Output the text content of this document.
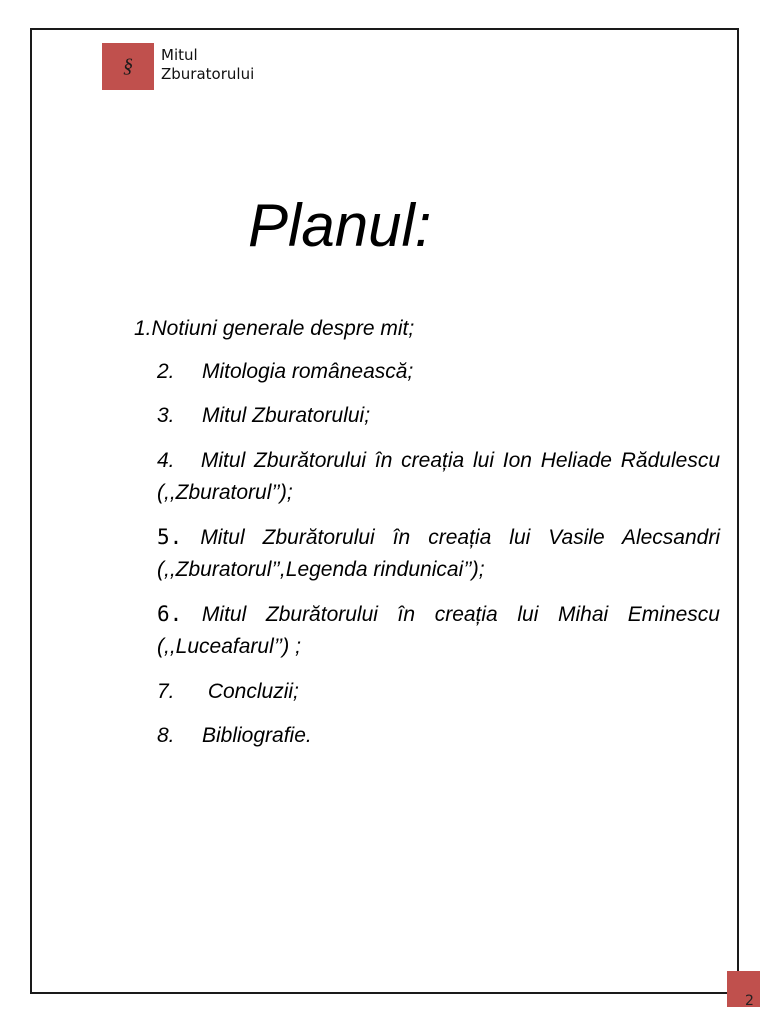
§ Mitul
Zburatorului
Planul:
1.Notiuni generale despre mit;
2. Mitologia românească;
3. Mitul Zburatorului;
4. Mitul Zburătorului în creația lui Ion Heliade Rădulescu (,,Zburatorul’’);
5. Mitul Zburătorului în creația lui Vasile Alecsandri (,,Zburatorul’’,Legenda rindunicai’’);
6. Mitul Zburătorului în creația lui Mihai Eminescu (,,Luceafarul’’) ;
7. Concluzii;
8. Bibliografie.
2
